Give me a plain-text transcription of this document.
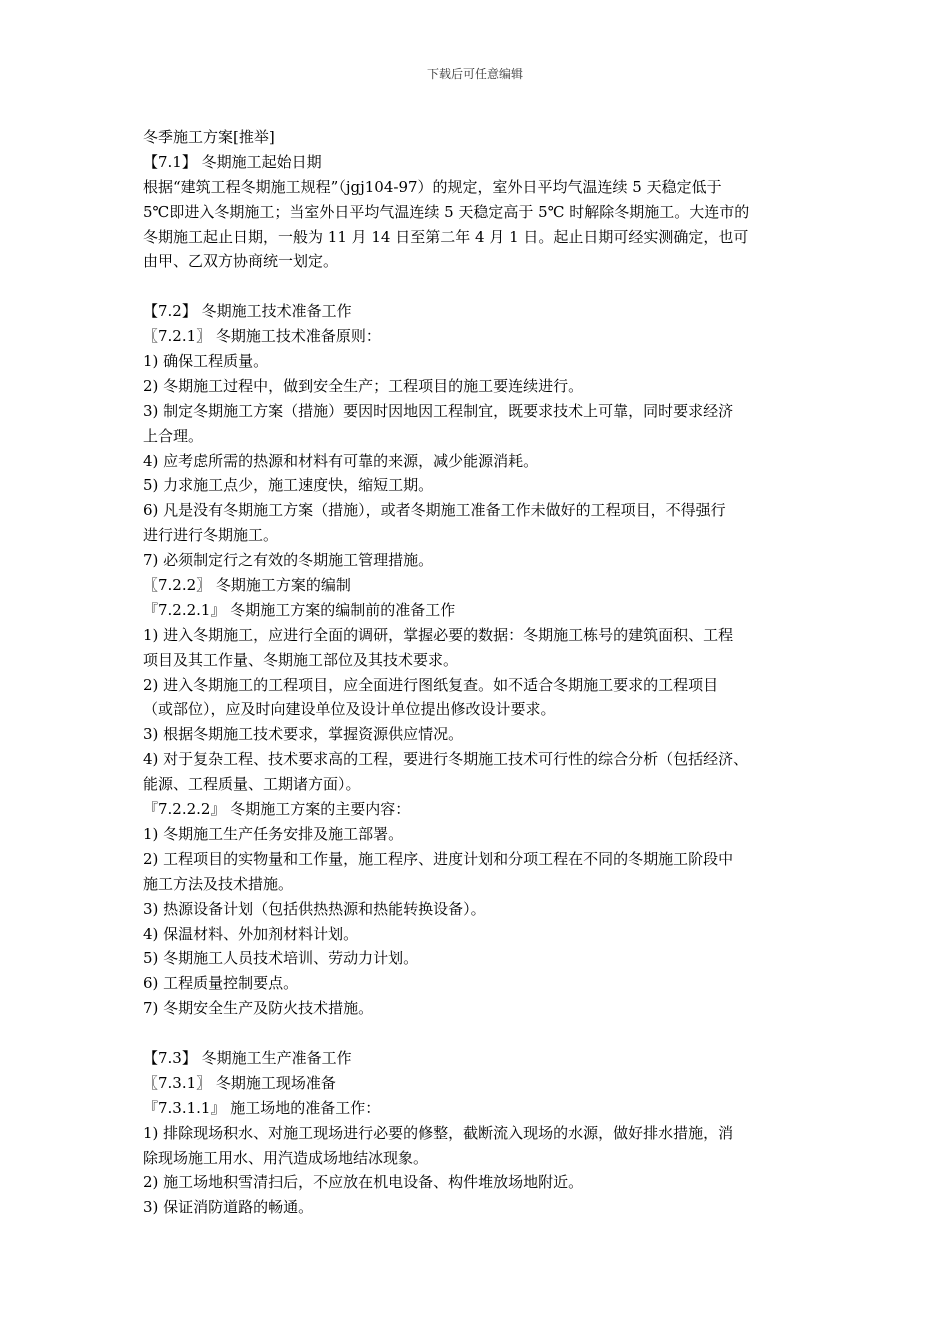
下载后可任意编辑
冬季施工方案[推举]
【7.1】 冬期施工起始日期
根据“建筑工程冬期施工规程”（jgj104-97）的规定，室外日平均气温连续 5 天稳定低于
5℃即进入冬期施工；当室外日平均气温连续 5 天稳定高于 5℃ 时解除冬期施工。大连市的
冬期施工起止日期，一般为 11 月 14 日至第二年 4 月 1 日。起止日期可经实测确定，也可
由甲、乙双方协商统一划定。
【7.2】 冬期施工技术准备工作
〖7.2.1〗 冬期施工技术准备原则：
1) 确保工程质量。
2) 冬期施工过程中，做到安全生产；工程项目的施工要连续进行。
3) 制定冬期施工方案（措施）要因时因地因工程制宜，既要求技术上可靠，同时要求经济
上合理。
4) 应考虑所需的热源和材料有可靠的来源，减少能源消耗。
5) 力求施工点少，施工速度快，缩短工期。
6) 凡是没有冬期施工方案（措施），或者冬期施工准备工作未做好的工程项目，不得强行
进行进行冬期施工。
7) 必须制定行之有效的冬期施工管理措施。
〖7.2.2〗 冬期施工方案的编制
『7.2.2.1』 冬期施工方案的编制前的准备工作
1) 进入冬期施工，应进行全面的调研，掌握必要的数据：冬期施工栋号的建筑面积、工程
项目及其工作量、冬期施工部位及其技术要求。
2) 进入冬期施工的工程项目，应全面进行图纸复查。如不适合冬期施工要求的工程项目
（或部位），应及时向建设单位及设计单位提出修改设计要求。
3) 根据冬期施工技术要求，掌握资源供应情况。
4) 对于复杂工程、技术要求高的工程，要进行冬期施工技术可行性的综合分析（包括经济、
能源、工程质量、工期诸方面）。
『7.2.2.2』 冬期施工方案的主要内容：
1) 冬期施工生产任务安排及施工部署。
2) 工程项目的实物量和工作量，施工程序、进度计划和分项工程在不同的冬期施工阶段中
施工方法及技术措施。
3) 热源设备计划（包括供热热源和热能转换设备）。
4) 保温材料、外加剂材料计划。
5) 冬期施工人员技术培训、劳动力计划。
6) 工程质量控制要点。
7) 冬期安全生产及防火技术措施。
【7.3】 冬期施工生产准备工作
〖7.3.1〗 冬期施工现场准备
『7.3.1.1』 施工场地的准备工作：
1) 排除现场积水、对施工现场进行必要的修整，截断流入现场的水源，做好排水措施，消
除现场施工用水、用汽造成场地结冰现象。
2) 施工场地积雪清扫后，不应放在机电设备、构件堆放场地附近。
3) 保证消防道路的畅通。
